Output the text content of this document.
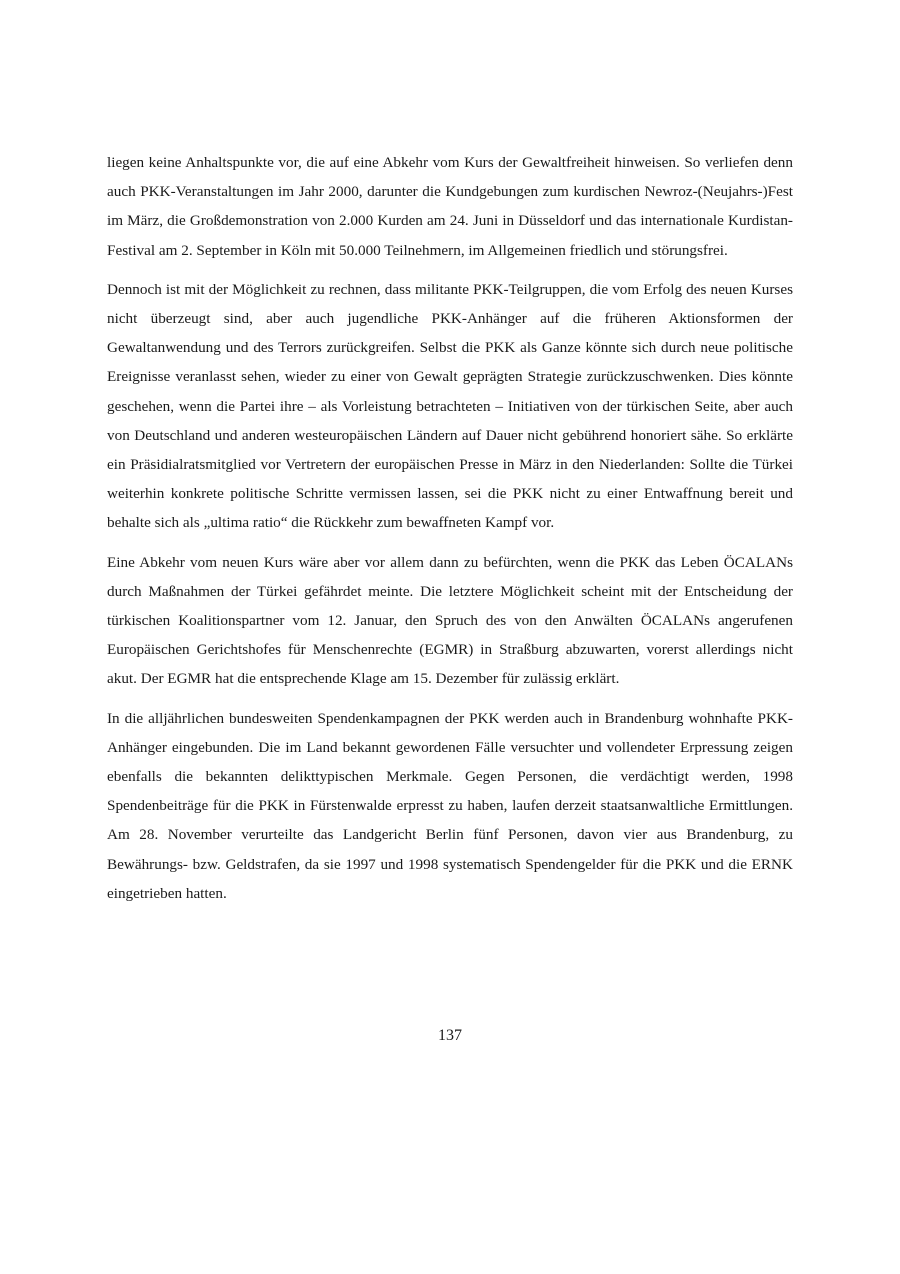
liegen keine Anhaltspunkte vor, die auf eine Abkehr vom Kurs der Gewaltfreiheit hinweisen. So verliefen denn auch PKK-Veranstaltungen im Jahr 2000, darunter die Kundgebungen zum kurdischen Newroz-(Neujahrs-)Fest im März, die Großdemonstration von 2.000 Kurden am 24. Juni in Düsseldorf und das internationale Kurdistan-Festival am 2. September in Köln mit 50.000 Teilnehmern, im Allgemeinen friedlich und störungsfrei.

Dennoch ist mit der Möglichkeit zu rechnen, dass militante PKK-Teilgruppen, die vom Erfolg des neuen Kurses nicht überzeugt sind, aber auch jugendliche PKK-Anhänger auf die früheren Aktionsformen der Gewaltanwendung und des Terrors zurückgreifen. Selbst die PKK als Ganze könnte sich durch neue politische Ereignisse veranlasst sehen, wieder zu einer von Gewalt geprägten Strategie zurückzuschwenken. Dies könnte geschehen, wenn die Partei ihre – als Vorleistung betrachteten – Initiativen von der türkischen Seite, aber auch von Deutschland und anderen westeuropäischen Ländern auf Dauer nicht gebührend honoriert sähe. So erklärte ein Präsidialratsmitglied vor Vertretern der europäischen Presse in März in den Niederlanden: Sollte die Türkei weiterhin konkrete politische Schritte vermissen lassen, sei die PKK nicht zu einer Entwaffnung bereit und behalte sich als „ultima ratio“ die Rückkehr zum bewaffneten Kampf vor.

Eine Abkehr vom neuen Kurs wäre aber vor allem dann zu befürchten, wenn die PKK das Leben ÖCALANs durch Maßnahmen der Türkei gefährdet meinte. Die letztere Möglichkeit scheint mit der Entscheidung der türkischen Koalitionspartner vom 12. Januar, den Spruch des von den Anwälten ÖCALANs angerufenen Europäischen Gerichtshofes für Menschenrechte (EGMR) in Straßburg abzuwarten, vorerst allerdings nicht akut. Der EGMR hat die entsprechende Klage am 15. Dezember für zulässig erklärt.

In die alljährlichen bundesweiten Spendenkampagnen der PKK werden auch in Brandenburg wohnhafte PKK-Anhänger eingebunden. Die im Land bekannt gewordenen Fälle versuchter und vollendeter Erpressung zeigen ebenfalls die bekannten delikttypischen Merkmale. Gegen Personen, die verdächtigt werden, 1998 Spendenbeiträge für die PKK in Fürstenwalde erpresst zu haben, laufen derzeit staatsanwaltliche Ermittlungen. Am 28. November verurteilte das Landgericht Berlin fünf Personen, davon vier aus Brandenburg, zu Bewährungs- bzw. Geldstrafen, da sie 1997 und 1998 systematisch Spendengelder für die PKK und die ERNK eingetrieben hatten.

137
